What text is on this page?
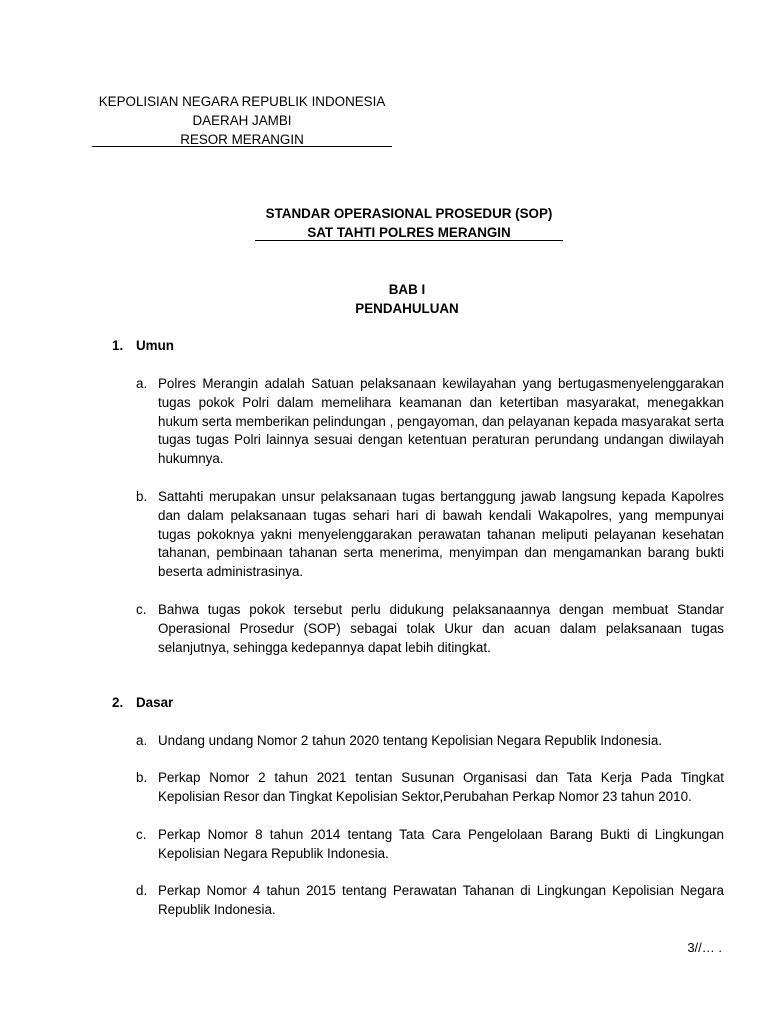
KEPOLISIAN NEGARA REPUBLIK INDONESIA
DAERAH JAMBI
RESOR MERANGIN
STANDAR OPERASIONAL PROSEDUR (SOP)
SAT TAHTI POLRES MERANGIN
BAB I
PENDAHULUAN
1. Umun
a. Polres Merangin adalah Satuan pelaksanaan kewilayahan yang bertugasmenyelenggarakan tugas pokok Polri dalam memelihara keamanan dan ketertiban masyarakat, menegakkan hukum serta memberikan pelindungan , pengayoman, dan pelayanan kepada masyarakat serta tugas tugas Polri lainnya sesuai dengan ketentuan peraturan perundang undangan diwilayah hukumnya.
b. Sattahti merupakan unsur pelaksanaan tugas bertanggung jawab langsung kepada Kapolres dan dalam pelaksanaan tugas sehari hari di bawah kendali Wakapolres, yang mempunyai tugas pokoknya yakni menyelenggarakan perawatan tahanan meliputi pelayanan kesehatan tahanan, pembinaan tahanan serta menerima, menyimpan dan mengamankan barang bukti beserta administrasinya.
c. Bahwa tugas pokok tersebut perlu didukung pelaksanaannya dengan membuat Standar Operasional Prosedur (SOP) sebagai tolak Ukur dan acuan dalam pelaksanaan tugas selanjutnya, sehingga kedepannya dapat lebih ditingkat.
2. Dasar
a. Undang undang Nomor 2 tahun 2020 tentang Kepolisian Negara Republik Indonesia.
b. Perkap Nomor 2 tahun 2021 tentan Susunan Organisasi dan Tata Kerja Pada Tingkat Kepolisian Resor dan Tingkat Kepolisian Sektor,Perubahan Perkap Nomor 23 tahun 2010.
c. Perkap Nomor 8 tahun 2014 tentang Tata Cara Pengelolaan Barang Bukti di Lingkungan Kepolisian Negara Republik Indonesia.
d. Perkap Nomor 4 tahun 2015 tentang Perawatan Tahanan di Lingkungan Kepolisian Negara Republik Indonesia.
3//… .
